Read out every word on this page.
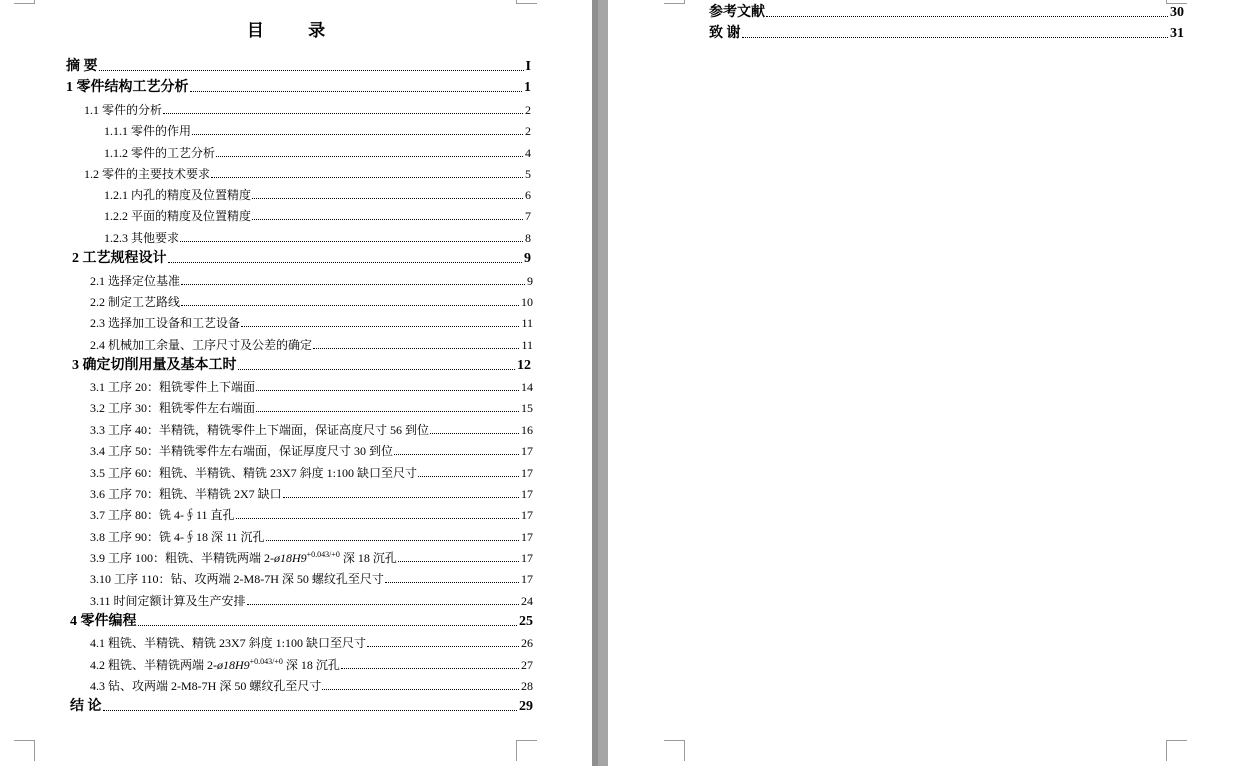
目 录
摘 要	I
1 零件结构工艺分析	1
1.1 零件的分析	2
1.1.1 零件的作用	2
1.1.2 零件的工艺分析	4
1.2 零件的主要技术要求	5
1.2.1 内孔的精度及位置精度	6
1.2.2 平面的精度及位置精度	7
1.2.3 其他要求	8
2 工艺规程设计	9
2.1 选择定位基准	9
2.2 制定工艺路线	10
2.3 选择加工设备和工艺设备	11
2.4 机械加工余量、工序尺寸及公差的确定	11
3 确定切削用量及基本工时	12
3.1 工序 20：粗铣零件上下端面	14
3.2 工序 30：粗铣零件左右端面	15
3.3 工序 40：半精铣，精铣零件上下端面，保证高度尺寸 56 到位	16
3.4 工序 50：半精铣零件左右端面，保证厚度尺寸 30 到位	17
3.5 工序 60：粗铣、半精铣、精铣 23X7 斜度 1:100 缺口至尺寸	17
3.6 工序 70：粗铣、半精铣 2X7 缺口	17
3.7 工序 80：铣 4-∮11 直孔	17
3.8 工序 90：铣 4-∮18 深 11 沉孔	17
3.9 工序 100：粗铣、半精铣两端 $2-ø18H9^{+0.043/+0}$ 深 18 沉孔	17
3.10 工序 110：钻、攻两端 2-M8-7H 深 50 螺纹孔至尺寸	17
3.11 时间定额计算及生产安排	24
4 零件编程	25
4.1 粗铣、半精铣、精铣 23X7 斜度 1:100 缺口至尺寸	26
4.2 粗铣、半精铣两端 $2-ø18H9^{+0.043/+0}$ 深 18 沉孔	27
4.3 钻、攻两端 2-M8-7H 深 50 螺纹孔至尺寸	28
结 论	29
参考文献	30
致 谢	31
